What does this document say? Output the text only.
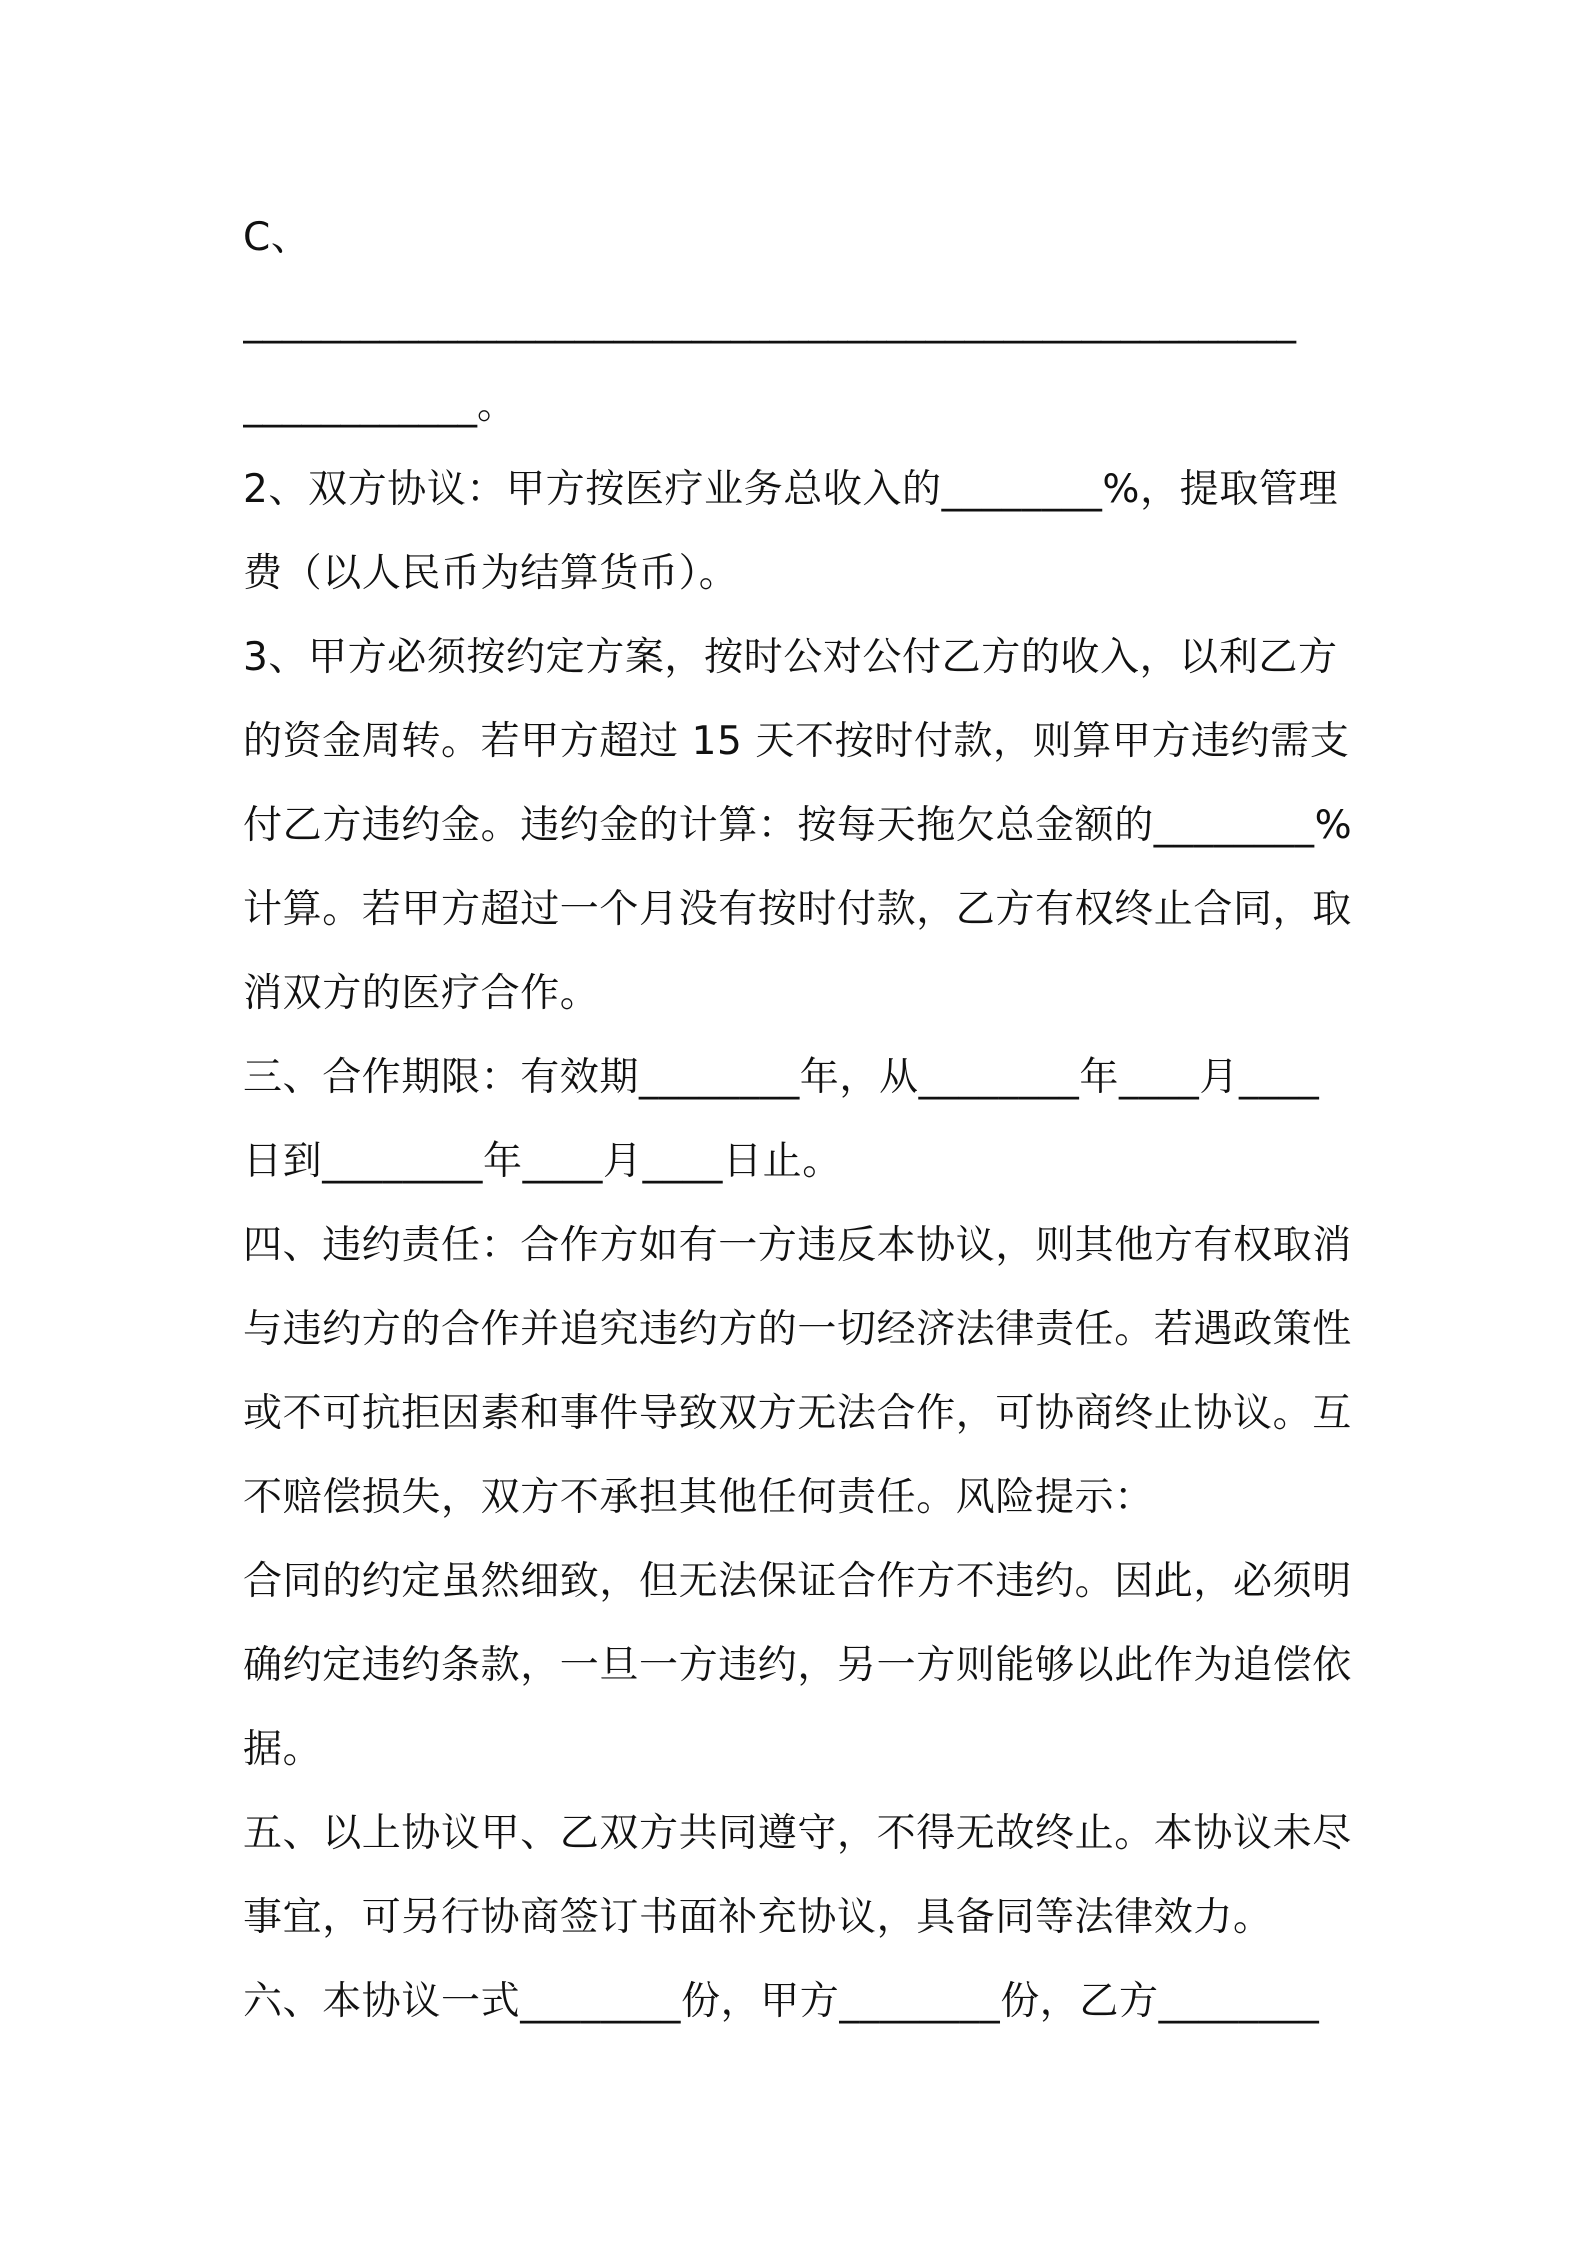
C、
______________________________________________________
____________。
2、双方协议：甲方按医疗业务总收入的________%，提取管理
费（以人民币为结算货币）。
3、甲方必须按约定方案，按时公对公付乙方的收入，以利乙方
的资金周转。若甲方超过 15 天不按时付款，则算甲方违约需支
付乙方违约金。违约金的计算：按每天拖欠总金额的________%
计算。若甲方超过一个月没有按时付款，乙方有权终止合同，取
消双方的医疗合作。
三、合作期限：有效期________年，从________年____月____
日到________年____月____日止。
四、违约责任：合作方如有一方违反本协议，则其他方有权取消
与违约方的合作并追究违约方的一切经济法律责任。若遇政策性
或不可抗拒因素和事件导致双方无法合作，可协商终止协议。互
不赔偿损失，双方不承担其他任何责任。风险提示：
合同的约定虽然细致，但无法保证合作方不违约。因此，必须明
确约定违约条款，一旦一方违约，另一方则能够以此作为追偿依
据。
五、以上协议甲、乙双方共同遵守，不得无故终止。本协议未尽
事宜，可另行协商签订书面补充协议，具备同等法律效力。
六、本协议一式________份，甲方________份，乙方________
